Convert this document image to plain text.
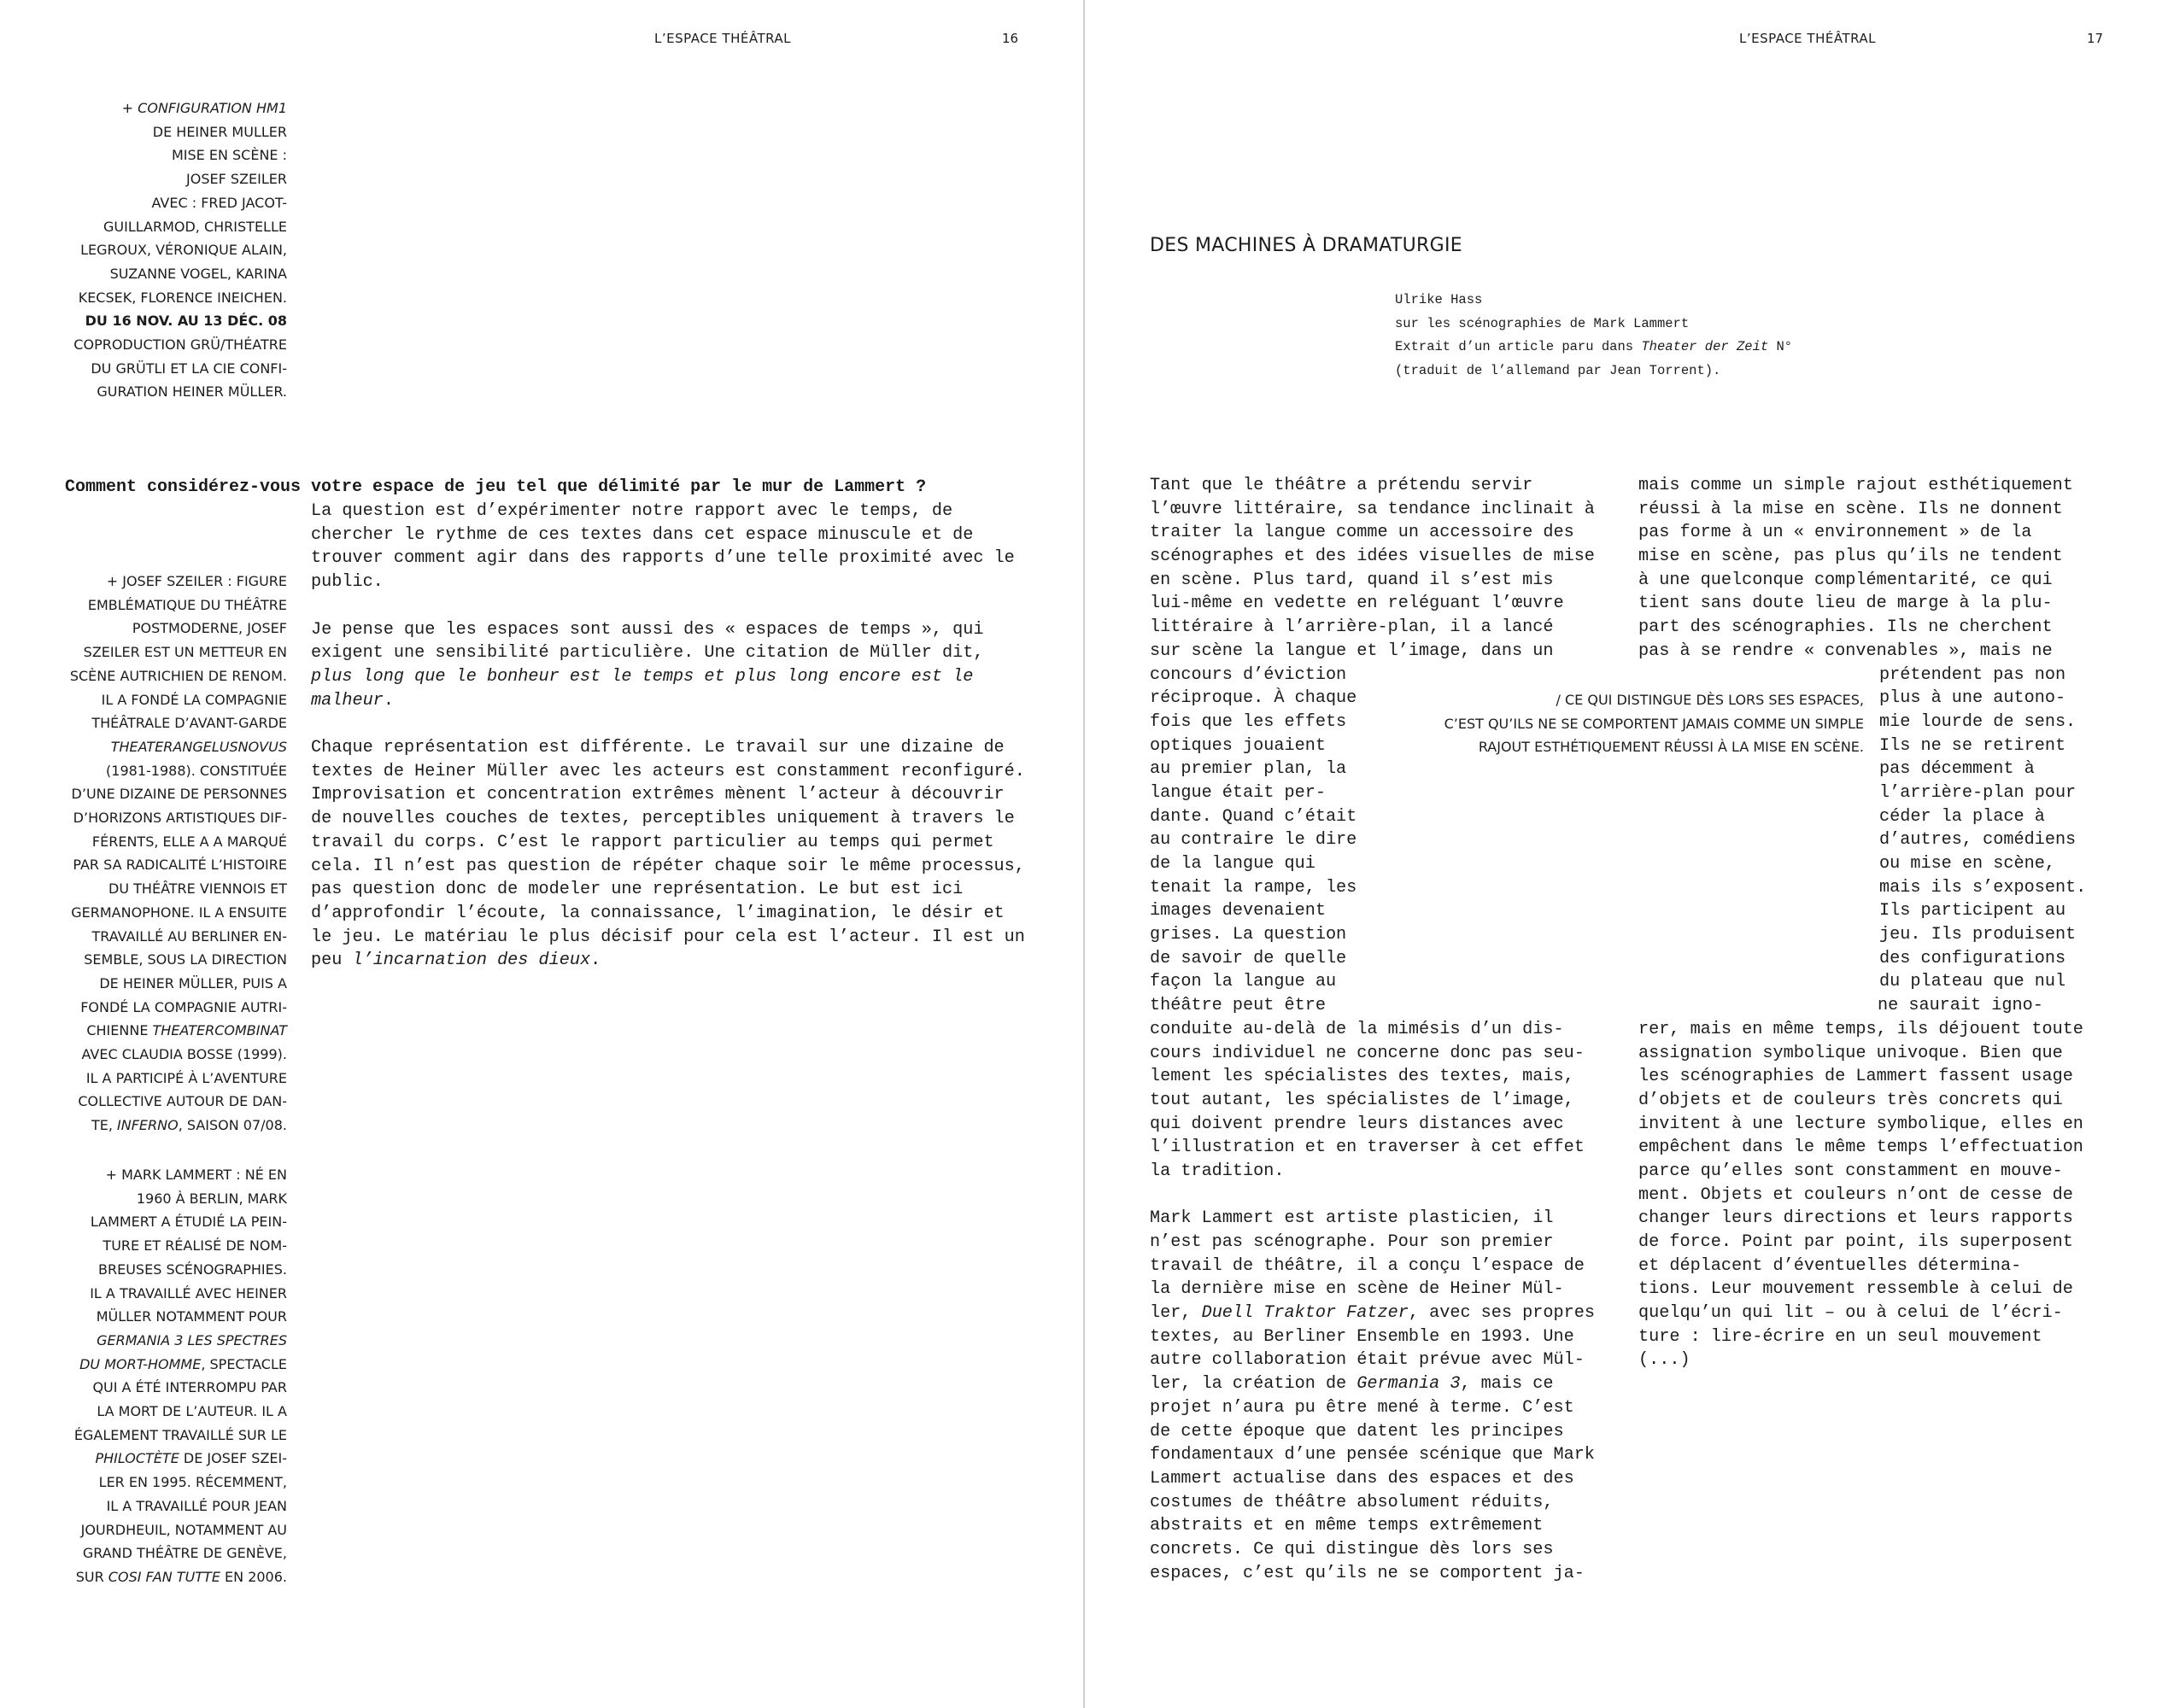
L’ESPACE THÉÂTRAL	16
+ CONFIGURATION HM1
DE HEINER MULLER
MISE EN SCÈNE :
JOSEF SZEILER
AVEC : FRED JACOT-
GUILLARMOD, CHRISTELLE
LEGROUX, VÉRONIQUE ALAIN,
SUZANNE VOGEL, KARINA
KECSEK, FLORENCE INEICHEN.
DU 16 NOV. AU 13 DÉC. 08
COPRODUCTION GRÜ/THÉATRE
DU GRÜTLI ET LA CIE CONFI-
GURATION HEINER MÜLLER.
Comment considérez-vous votre espace de jeu tel que délimité par le mur de Lammert ?

La question est d’expérimenter notre rapport avec le temps, de chercher le rythme de ces textes dans cet espace minuscule et de trouver comment agir dans des rapports d’une telle proximité avec le public.

Je pense que les espaces sont aussi des « espaces de temps », qui exigent une sensibilité particulière. Une citation de Müller dit, plus long que le bonheur est le temps et plus long encore est le malheur.

Chaque représentation est différente. Le travail sur une dizaine de textes de Heiner Müller avec les acteurs est constamment reconfiguré. Improvisation et concentration extrêmes mènent l’acteur à découvrir de nouvelles couches de textes, perceptibles uniquement à travers le travail du corps. C’est le rapport particulier au temps qui permet cela. Il n’est pas question de répéter chaque soir le même processus, pas question donc de modeler une représentation. Le but est ici d’approfondir l’écoute, la connaissance, l’imagination, le désir et le jeu. Le matériau le plus décisif pour cela est l’acteur. Il est un peu l’incarnation des dieux.

+ JOSEF SZEILER : FIGURE
EMBLÉMATIQUE DU THÉÂTRE
POSTMODERNE, JOSEF
SZEILER EST UN METTEUR EN
SCÈNE AUTRICHIEN DE RENOM.
IL A FONDÉ LA COMPAGNIE
THÉÂTRALE D’AVANT-GARDE
THEATERANGELUSNOVUS
(1981-1988). CONSTITUÉE
D’UNE DIZAINE DE PERSONNES
D’HORIZONS ARTISTIQUES DIF-
FÉRENTS, ELLE A A MARQUÉ
PAR SA RADICALITÉ L’HISTOIRE
DU THÉÂTRE VIENNOIS ET
GERMANOPHONE. IL A ENSUITE
TRAVAILLÉ AU BERLINER EN-
SEMBLE, SOUS LA DIRECTION
DE HEINER MÜLLER, PUIS A
FONDÉ LA COMPAGNIE AUTRI-
CHIENNE THEATERCOMBINAT
AVEC CLAUDIA BOSSE (1999).
IL A PARTICIPÉ À L’AVENTURE
COLLECTIVE AUTOUR DE DAN-
TE, INFERNO, SAISON 07/08.
+ MARK LAMMERT : NÉ EN
1960 À BERLIN, MARK
LAMMERT A ÉTUDIÉ LA PEIN-
TURE ET RÉALISÉ DE NOM-
BREUSES SCÉNOGRAPHIES.
IL A TRAVAILLÉ AVEC HEINER
MÜLLER NOTAMMENT POUR
GERMANIA 3 LES SPECTRES
DU MORT-HOMME, SPECTACLE
QUI A ÉTÉ INTERROMPU PAR
LA MORT DE L’AUTEUR. IL A
ÉGALEMENT TRAVAILLÉ SUR LE
PHILOCTÈTE DE JOSEF SZEI-
LER EN 1995. RÉCEMMENT,
IL A TRAVAILLÉ POUR JEAN
JOURDHEUIL, NOTAMMENT AU
GRAND THÉÂTRE DE GENÈVE,
SUR COSI FAN TUTTE EN 2006.
L’ESPACE THÉÂTRAL	17
DES MACHINES À DRAMATURGIE
Ulrike Hass
sur les scénographies de Mark Lammert
Extrait d’un article paru dans Theater der Zeit N°
(traduit de l’allemand par Jean Torrent).
Tant que le théâtre a prétendu servir
l’œuvre littéraire, sa tendance inclinait à
traiter la langue comme un accessoire des
scénographes et des idées visuelles de mise
en scène. Plus tard, quand il s’est mis
lui-même en vedette en reléguant l’œuvre
littéraire à l’arrière-plan, il a lancé
sur scène la langue et l’image, dans un
concours d’éviction
réciproque. À chaque
fois que les effets
optiques jouaient
au premier plan, la
langue était per-
dante. Quand c’était
au contraire le dire
de la langue qui
tenait la rampe, les
images devenaient
grises. La question
de savoir de quelle
façon la langue au
théâtre peut être
conduite au-delà de la mimésis d’un dis-
cours individuel ne concerne donc pas seu-
lement les spécialistes des textes, mais,
tout autant, les spécialistes de l’image,
qui doivent prendre leurs distances avec
l’illustration et en traverser à cet effet
la tradition.
Mark Lammert est artiste plasticien, il
n’est pas scénographe. Pour son premier
travail de théâtre, il a conçu l’espace de
la dernière mise en scène de Heiner Mül-
ler, Duell Traktor Fatzer, avec ses propres
textes, au Berliner Ensemble en 1993. Une
autre collaboration était prévue avec Mül-
ler, la création de Germania 3, mais ce
projet n’aura pu être mené à terme. C’est
de cette époque que datent les principes
fondamentaux d’une pensée scénique que Mark
Lammert actualise dans des espaces et des
costumes de théâtre absolument réduits,
abstraits et en même temps extrêmement
concrets. Ce qui distingue dès lors ses
espaces, c’est qu’ils ne se comportent ja-
mais comme un simple rajout esthétiquement
réussi à la mise en scène. Ils ne donnent
pas forme à un « environnement » de la
mise en scène, pas plus qu’ils ne tendent
à une quelconque complémentarité, ce qui
tient sans doute lieu de marge à la plu-
part des scénographies. Ils ne cherchent
pas à se rendre « convenables », mais ne
prétendent pas non
plus à une autono-
mie lourde de sens.
Ils ne se retirent
pas décemment à
l’arrière-plan pour
céder la place à
d’autres, comédiens
ou mise en scène,
mais ils s’exposent.
Ils participent au
jeu. Ils produisent
des configurations
du plateau que nul
ne saurait igno-
rer, mais en même temps, ils déjouent toute
assignation symbolique univoque. Bien que
les scénographies de Lammert fassent usage
d’objets et de couleurs très concrets qui
invitent à une lecture symbolique, elles en
empêchent dans le même temps l’effectuation
parce qu’elles sont constamment en mouve-
ment. Objets et couleurs n’ont de cesse de
changer leurs directions et leurs rapports
de force. Point par point, ils superposent
et déplacent d’éventuelles détermina-
tions. Leur mouvement ressemble à celui de
quelqu’un qui lit – ou à celui de l’écri-
ture : lire-écrire en un seul mouvement
(...)
/ CE QUI DISTINGUE DÈS LORS SES ESPACES,
C’EST QU’ILS NE SE COMPORTENT JAMAIS COMME UN SIMPLE
RAJOUT ESTHÉTIQUEMENT RÉUSSI À LA MISE EN SCÈNE.
